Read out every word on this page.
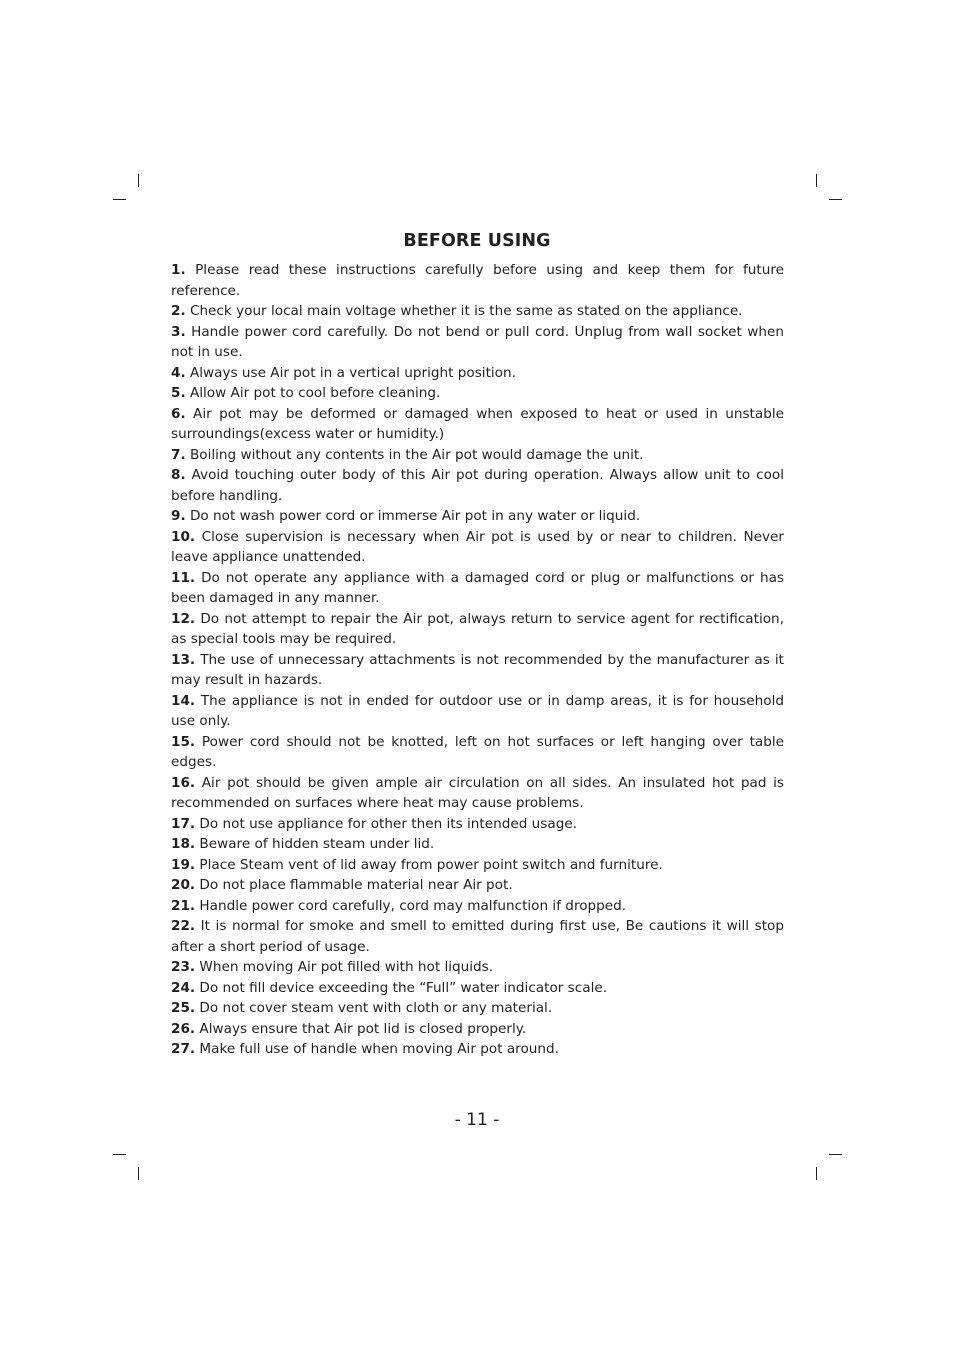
BEFORE USING
1. Please read these instructions carefully before using and keep them for future reference.
2. Check your local main voltage whether it is the same as stated on the appliance.
3. Handle power cord carefully. Do not bend or pull cord. Unplug from wall socket when not in use.
4. Always use Air pot in a vertical upright position.
5. Allow Air pot to cool before cleaning.
6. Air pot may be deformed or damaged when exposed to heat or used in unstable surroundings(excess water or humidity.)
7. Boiling without any contents in the Air pot would damage the unit.
8. Avoid touching outer body of this Air pot during operation. Always allow unit to cool before handling.
9. Do not wash power cord or immerse Air pot in any water or liquid.
10. Close supervision is necessary when Air pot is used by or near to children. Never leave appliance unattended.
11. Do not operate any appliance with a damaged cord or plug or malfunctions or has been damaged in any manner.
12. Do not attempt to repair the Air pot, always return to service agent for rectification, as special tools may be required.
13. The use of unnecessary attachments is not recommended by the manufacturer as it may result in hazards.
14. The appliance is not in ended for outdoor use or in damp areas, it is for household use only.
15. Power cord should not be knotted, left on hot surfaces or left hanging over table edges.
16. Air pot should be given ample air circulation on all sides. An insulated hot pad is recommended on surfaces where heat may cause problems.
17. Do not use appliance for other then its intended usage.
18. Beware of hidden steam under lid.
19. Place Steam vent of lid away from power point switch and furniture.
20. Do not place flammable material near Air pot.
21. Handle power cord carefully, cord may malfunction if dropped.
22. It is normal for smoke and smell to emitted during first use, Be cautions it will stop after a short period of usage.
23. When moving Air pot filled with hot liquids.
24. Do not fill device exceeding the “Full” water indicator scale.
25. Do not cover steam vent with cloth or any material.
26. Always ensure that Air pot lid is closed properly.
27. Make full use of handle when moving Air pot around.
- 11 -
